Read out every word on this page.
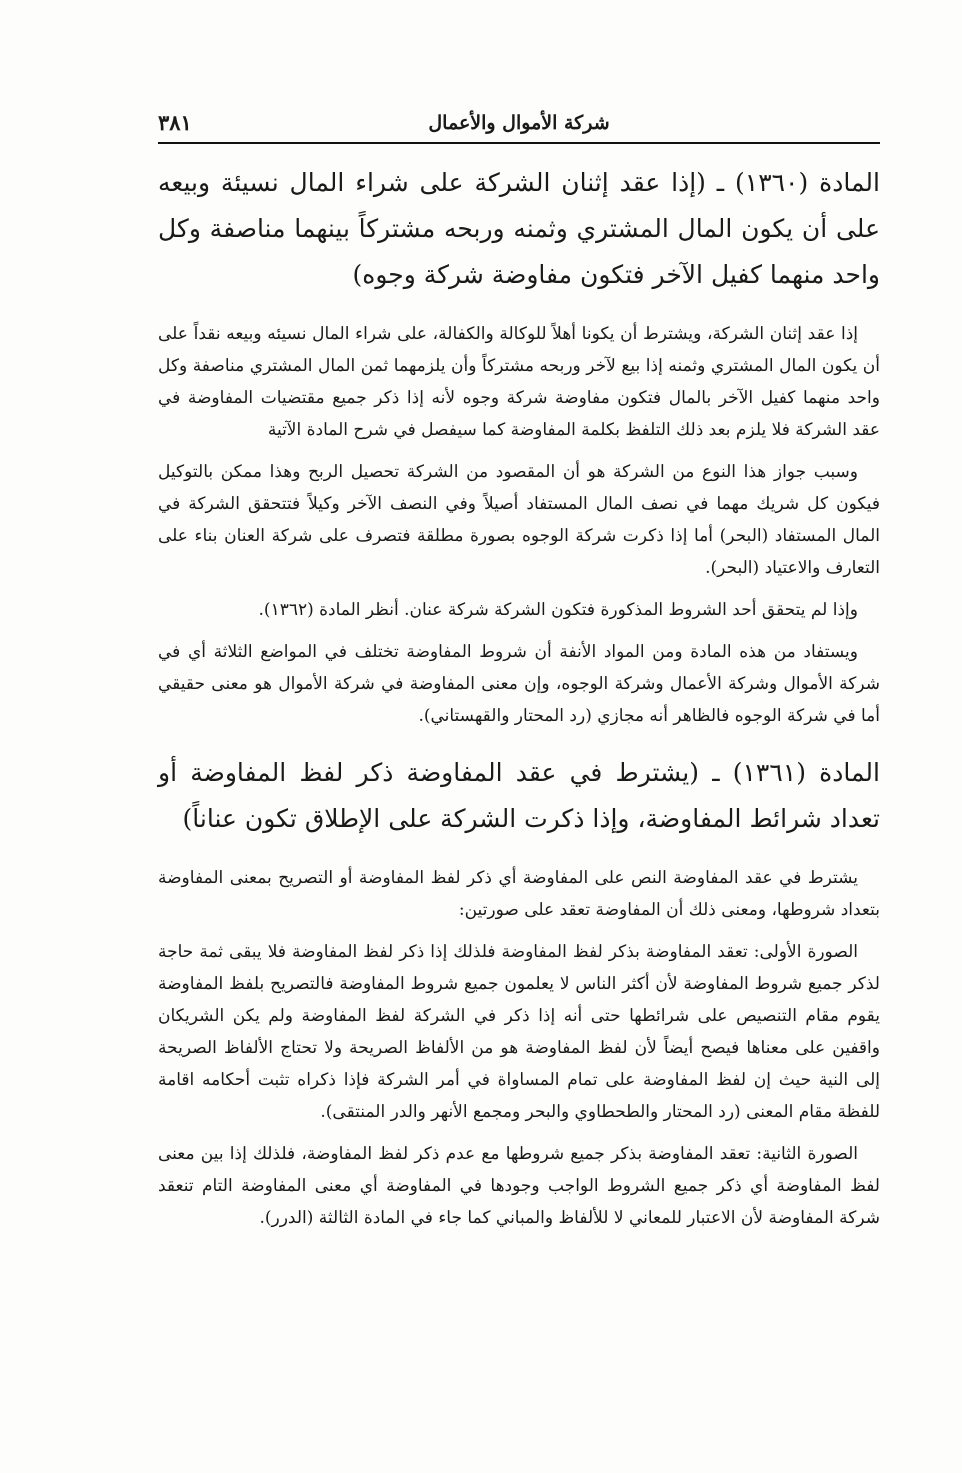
شركة الأموال والأعمال
٣٨١

المادة (١٣٦٠) ـ (إذا عقد إثنان الشركة على شراء المال نسيئة وبيعه على أن يكون المال المشتري وثمنه وربحه مشتركاً بينهما مناصفة وكل واحد منهما كفيل الآخر فتكون مفاوضة شركة وجوه)

إذا عقد إثنان الشركة، ويشترط أن يكونا أهلاً للوكالة والكفالة، على شراء المال نسيئه وبيعه نقداً على أن يكون المال المشتري وثمنه إذا بيع لآخر وربحه مشتركاً وأن يلزمهما ثمن المال المشتري مناصفة وكل واحد منهما كفيل الآخر بالمال فتكون مفاوضة شركة وجوه لأنه إذا ذكر جميع مقتضيات المفاوضة في عقد الشركة فلا يلزم بعد ذلك التلفظ بكلمة المفاوضة كما سيفصل في شرح المادة الآتية

وسبب جواز هذا النوع من الشركة هو أن المقصود من الشركة تحصيل الربح وهذا ممكن بالتوكيل فيكون كل شريك مهما في نصف المال المستفاد أصيلاً وفي النصف الآخر وكيلاً فتتحقق الشركة في المال المستفاد (البحر) أما إذا ذكرت شركة الوجوه بصورة مطلقة فتصرف على شركة العنان بناء على التعارف والاعتياد (البحر).

وإذا لم يتحقق أحد الشروط المذكورة فتكون الشركة شركة عنان. أنظر المادة (١٣٦٢).

ويستفاد من هذه المادة ومن المواد الأنفة أن شروط المفاوضة تختلف في المواضع الثلاثة أي في شركة الأموال وشركة الأعمال وشركة الوجوه، وإن معنى المفاوضة في شركة الأموال هو معنى حقيقي أما في شركة الوجوه فالظاهر أنه مجازي (رد المحتار والقهستاني).

المادة (١٣٦١) ـ (يشترط في عقد المفاوضة ذكر لفظ المفاوضة أو تعداد شرائط المفاوضة، وإذا ذكرت الشركة على الإطلاق تكون عناناً)

يشترط في عقد المفاوضة النص على المفاوضة أي ذكر لفظ المفاوضة أو التصريح بمعنى المفاوضة بتعداد شروطها، ومعنى ذلك أن المفاوضة تعقد على صورتين:

الصورة الأولى: تعقد المفاوضة بذكر لفظ المفاوضة فلذلك إذا ذكر لفظ المفاوضة فلا يبقى ثمة حاجة لذكر جميع شروط المفاوضة لأن أكثر الناس لا يعلمون جميع شروط المفاوضة فالتصريح بلفظ المفاوضة يقوم مقام التنصيص على شرائطها حتى أنه إذا ذكر في الشركة لفظ المفاوضة ولم يكن الشريكان واقفين على معناها فيصح أيضاً لأن لفظ المفاوضة هو من الألفاظ الصريحة ولا تحتاج الألفاظ الصريحة إلى النية حيث إن لفظ المفاوضة على تمام المساواة في أمر الشركة فإذا ذكراه تثبت أحكامه اقامة للفظة مقام المعنى (رد المحتار والطحطاوي والبحر ومجمع الأنهر والدر المنتقى).

الصورة الثانية: تعقد المفاوضة بذكر جميع شروطها مع عدم ذكر لفظ المفاوضة، فلذلك إذا بين معنى لفظ المفاوضة أي ذكر جميع الشروط الواجب وجودها في المفاوضة أي معنى المفاوضة التام تنعقد شركة المفاوضة لأن الاعتبار للمعاني لا للألفاظ والمباني كما جاء في المادة الثالثة (الدرر).
